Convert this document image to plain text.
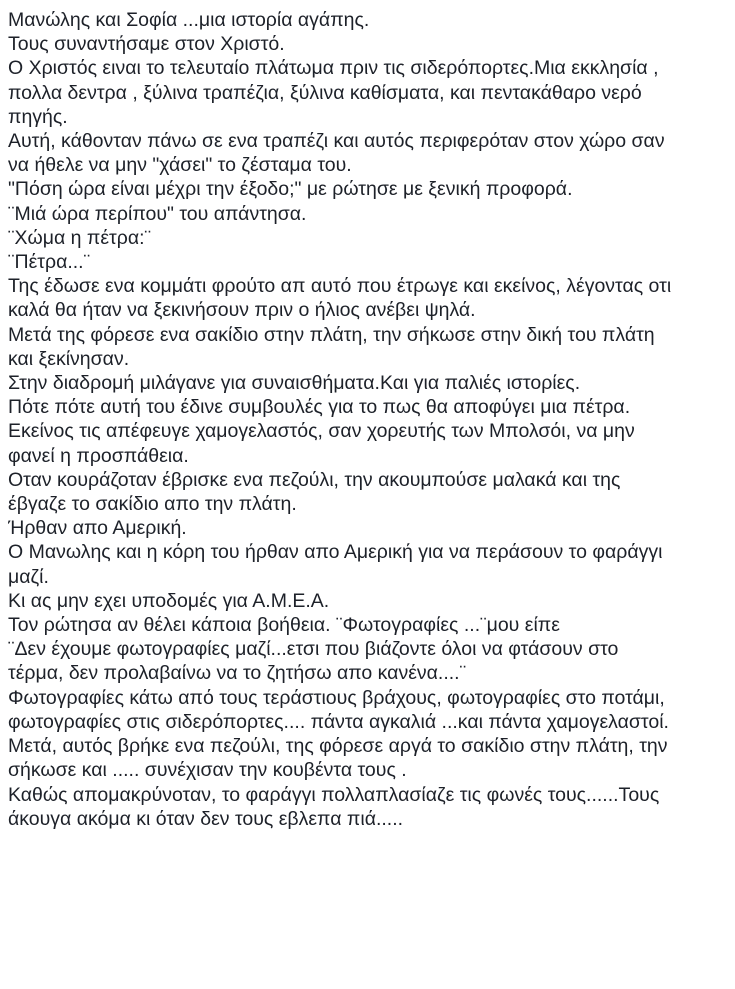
Μανώλης και Σοφία ...μια ιστορία αγάπης.
Τους συναντήσαμε στον Χριστό.
Ο Χριστός ειναι το τελευταίο πλάτωμα πριν τις σιδερόπορτες.Μια εκκλησία ,
πολλα δεντρα , ξύλινα τραπέζια, ξύλινα καθίσματα, και πεντακάθαρο νερό
πηγής.
Αυτή, κάθονταν πάνω σε ενα τραπέζι και αυτός περιφερόταν στον χώρο σαν
να ήθελε να μην "χάσει" το ζέσταμα του.
"Πόση ώρα είναι μέχρι την έξοδο;" με ρώτησε με ξενική προφορά.
¨Μιά ώρα περίπου" του απάντησα.
¨Χώμα η πέτρα:¨
¨Πέτρα...¨
Της έδωσε ενα κομμάτι φρούτο απ αυτό που έτρωγε και εκείνος, λέγοντας οτι
καλά θα ήταν να ξεκινήσουν πριν ο ήλιος ανέβει ψηλά.
Μετά της φόρεσε ενα σακίδιο στην πλάτη, την σήκωσε στην δική του πλάτη
και ξεκίνησαν.
Στην διαδρομή μιλάγανε για συναισθήματα.Και για παλιές ιστορίες.
Πότε πότε αυτή του έδινε συμβουλές για το πως θα αποφύγει μια πέτρα.
Εκείνος τις απέφευγε χαμογελαστός, σαν χορευτής των Μπολσόι, να μην
φανεί η προσπάθεια.
Οταν κουράζοταν έβρισκε ενα πεζούλι, την ακουμπούσε μαλακά και της
έβγαζε το σακίδιο απο την πλάτη.
Ήρθαν απο Αμερική.
Ο Μανωλης και η κόρη του ήρθαν απο Αμερική για να περάσουν το φαράγγι
μαζί.
Κι ας μην εχει υποδομές για Α.Μ.Ε.Α.
Τον ρώτησα αν θέλει κάποια βοήθεια. ¨Φωτογραφίες ...¨μου είπε
¨Δεν έχουμε φωτογραφίες μαζί...ετσι που βιάζοντε όλοι να φτάσουν στο
τέρμα, δεν προλαβαίνω να το ζητήσω απο κανένα....¨
Φωτογραφίες κάτω από τους τεράστιους βράχους, φωτογραφίες στο ποτάμι,
φωτογραφίες στις σιδερόπορτες.... πάντα αγκαλιά ...και πάντα χαμογελαστοί.
Μετά, αυτός βρήκε ενα πεζούλι, της φόρεσε αργά το σακίδιο στην πλάτη, την
σήκωσε και ..... συνέχισαν την κουβέντα τους .
Καθώς απομακρύνοταν, το φαράγγι πολλαπλασίαζε τις φωνές τους......Τους
άκουγα ακόμα κι όταν δεν τους εβλεπα πιά.....
